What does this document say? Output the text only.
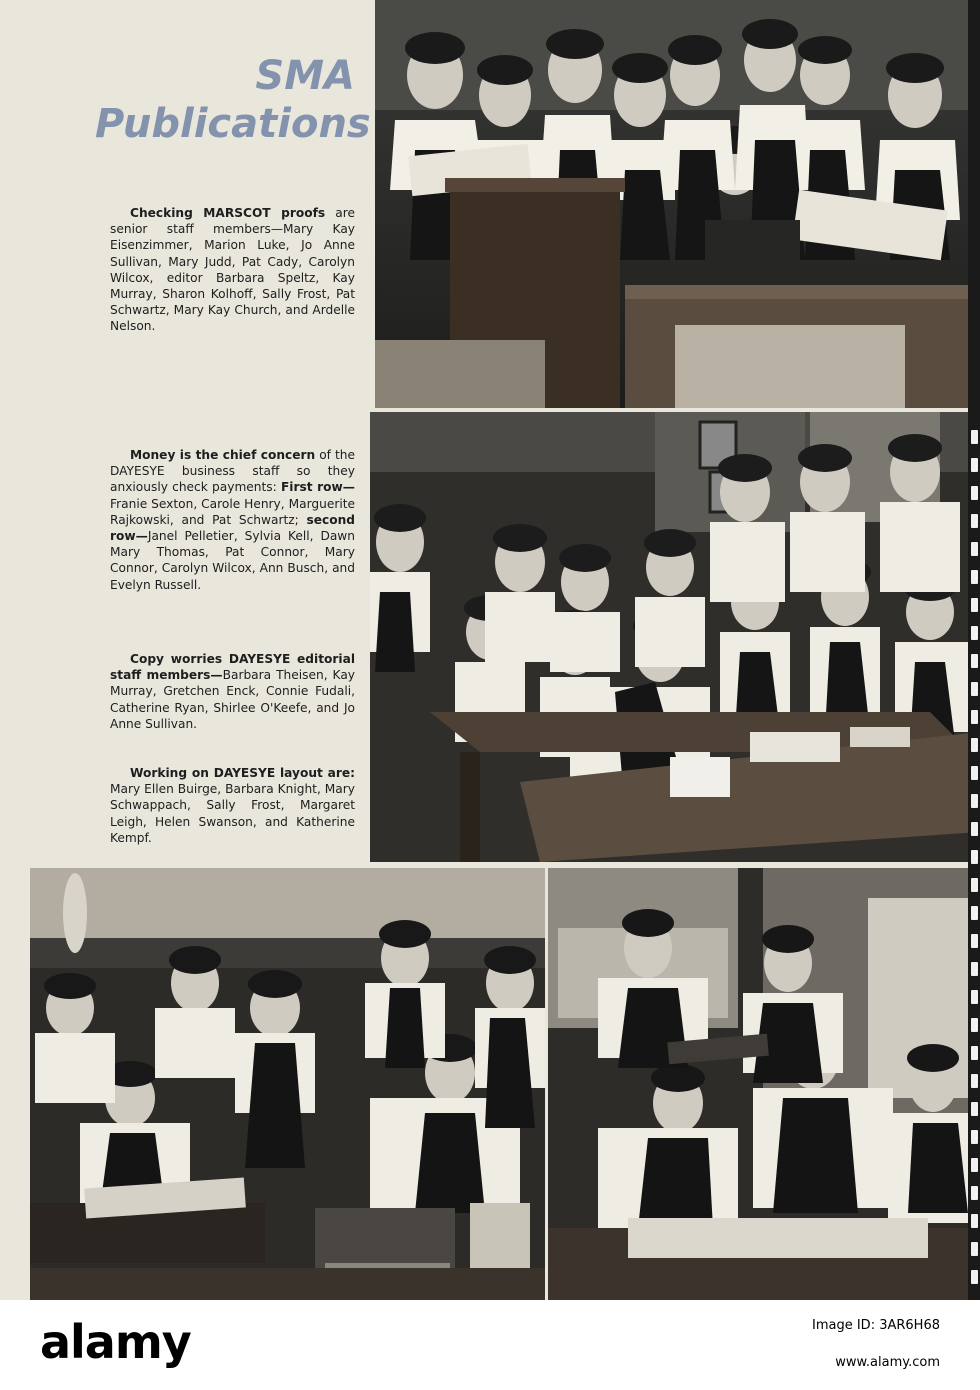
SMA
Publications
Checking MARSCOT proofs are senior staff members—Mary Kay Eisenzimmer, Marion Luke, Jo Anne Sullivan, Mary Judd, Pat Cady, Carolyn Wilcox, editor Barbara Speltz, Kay Murray, Sharon Kolhoff, Sally Frost, Pat Schwartz, Mary Kay Church, and Ardelle Nelson.
Money is the chief concern of the DAYESYE business staff so they anxiously check payments: First row—Franie Sexton, Carole Henry, Marguerite Rajkowski, and Pat Schwartz; second row—Janel Pelletier, Sylvia Kell, Dawn Mary Thomas, Pat Connor, Mary Connor, Carolyn Wilcox, Ann Busch, and Evelyn Russell.
Copy worries DAYESYE editorial staff members—Barbara Theisen, Kay Murray, Gretchen Enck, Connie Fudali, Catherine Ryan, Shirlee O'Keefe, and Jo Anne Sullivan.
Working on DAYESYE layout are: Mary Ellen Buirge, Barbara Knight, Mary Schwappach, Sally Frost, Margaret Leigh, Helen Swanson, and Katherine Kempf.
alamy	Image ID: 3AR6H68
www.alamy.com
